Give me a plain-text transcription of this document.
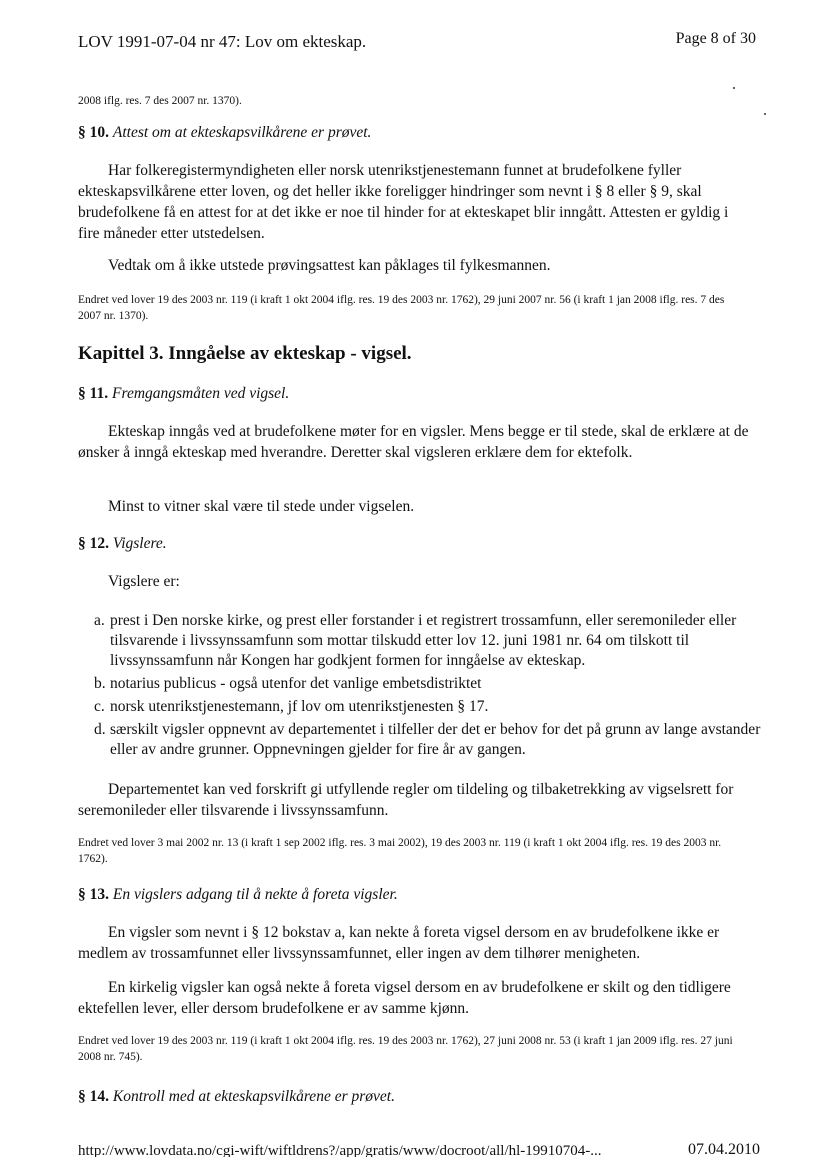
LOV 1991-07-04 nr 47: Lov om ekteskap.	Page 8 of 30
2008 iflg. res. 7 des 2007 nr. 1370).
§ 10. Attest om at ekteskapsvilkårene er prøvet.
Har folkeregistermyndigheten eller norsk utenrikstjenestemann funnet at brudefolkene fyller ekteskapsvilkårene etter loven, og det heller ikke foreligger hindringer som nevnt i § 8 eller § 9, skal brudefolkene få en attest for at det ikke er noe til hinder for at ekteskapet blir inngått. Attesten er gyldig i fire måneder etter utstedelsen.
Vedtak om å ikke utstede prøvingsattest kan påklages til fylkesmannen.
Endret ved lover 19 des 2003 nr. 119 (i kraft 1 okt 2004 iflg. res. 19 des 2003 nr. 1762), 29 juni 2007 nr. 56 (i kraft 1 jan 2008 iflg. res. 7 des 2007 nr. 1370).
Kapittel 3. Inngåelse av ekteskap - vigsel.
§ 11. Fremgangsmåten ved vigsel.
Ekteskap inngås ved at brudefolkene møter for en vigsler. Mens begge er til stede, skal de erklære at de ønsker å inngå ekteskap med hverandre. Deretter skal vigsleren erklære dem for ektefolk.
Minst to vitner skal være til stede under vigselen.
§ 12. Vigslere.
Vigslere er:
a. prest i Den norske kirke, og prest eller forstander i et registrert trossamfunn, eller seremonileder eller tilsvarende i livssynssamfunn som mottar tilskudd etter lov 12. juni 1981 nr. 64 om tilskott til livssynssamfunn når Kongen har godkjent formen for inngåelse av ekteskap.
b. notarius publicus - også utenfor det vanlige embetsdistriktet
c. norsk utenrikstjenestemann, jf lov om utenrikstjenesten § 17.
d. særskilt vigsler oppnevnt av departementet i tilfeller der det er behov for det på grunn av lange avstander eller av andre grunner. Oppnevningen gjelder for fire år av gangen.
Departementet kan ved forskrift gi utfyllende regler om tildeling og tilbaketrekking av vigselsrett for seremonileder eller tilsvarende i livssynssamfunn.
Endret ved lover 3 mai 2002 nr. 13 (i kraft 1 sep 2002 iflg. res. 3 mai 2002), 19 des 2003 nr. 119 (i kraft 1 okt 2004 iflg. res. 19 des 2003 nr. 1762).
§ 13. En vigslers adgang til å nekte å foreta vigsler.
En vigsler som nevnt i § 12 bokstav a, kan nekte å foreta vigsel dersom en av brudefolkene ikke er medlem av trossamfunnet eller livssynssamfunnet, eller ingen av dem tilhører menigheten.
En kirkelig vigsler kan også nekte å foreta vigsel dersom en av brudefolkene er skilt og den tidligere ektefellen lever, eller dersom brudefolkene er av samme kjønn.
Endret ved lover 19 des 2003 nr. 119 (i kraft 1 okt 2004 iflg. res. 19 des 2003 nr. 1762), 27 juni 2008 nr. 53 (i kraft 1 jan 2009 iflg. res. 27 juni 2008 nr. 745).
§ 14. Kontroll med at ekteskapsvilkårene er prøvet.
http://www.lovdata.no/cgi-wift/wiftldrens?/app/gratis/www/docroot/all/hl-19910704-...	07.04.2010
